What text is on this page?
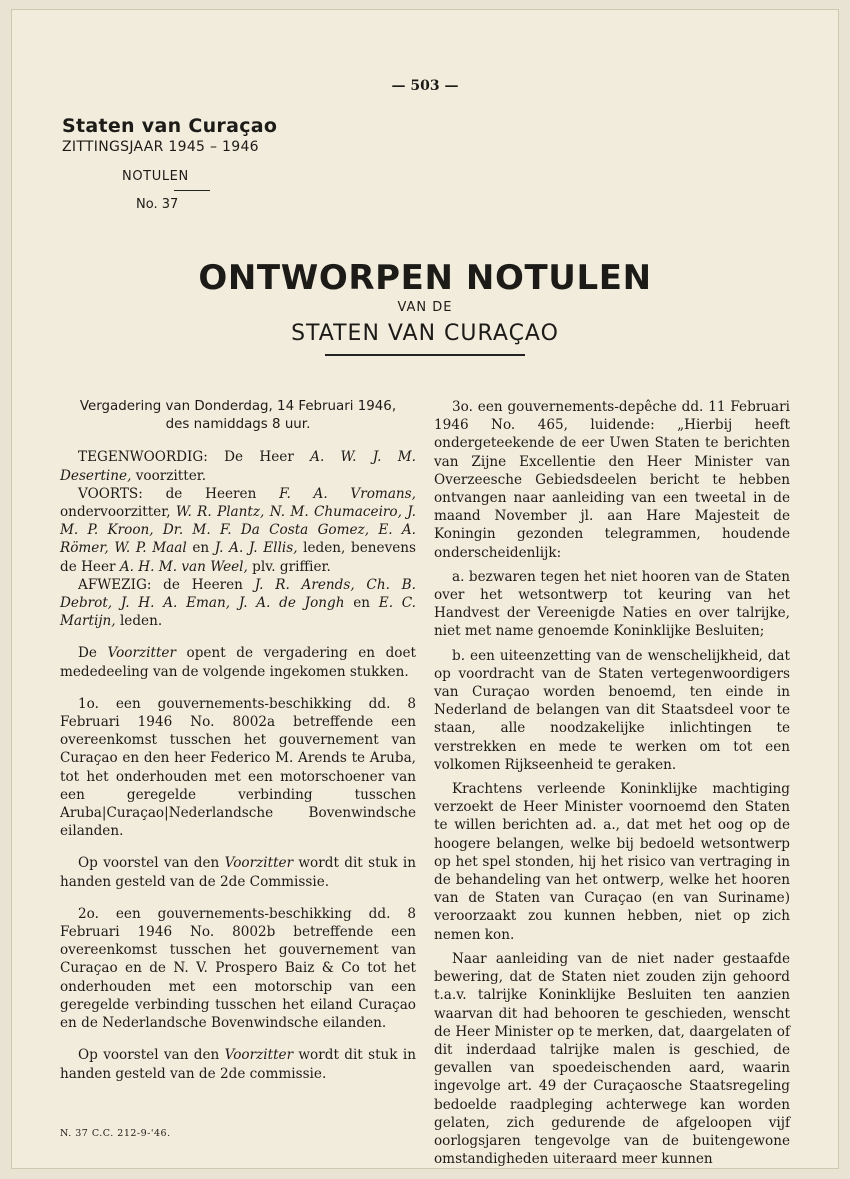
— 503 —
Staten van Curaçao
ZITTINGSJAAR 1945 – 1946
NOTULEN
No. 37
ONTWORPEN NOTULEN
VAN DE
STATEN VAN CURAÇAO

Vergadering van Donderdag, 14 Februari 1946,

des namiddags 8 uur.

TEGENWOORDIG: De Heer A. W. J. M. Desertine, voorzitter.

VOORTS: de Heeren F. A. Vromans, ondervoorzitter, W. R. Plantz, N. M. Chumaceiro, J. M. P. Kroon, Dr. M. F. Da Costa Gomez, E. A. Römer, W. P. Maal en J. A. J. Ellis, leden, benevens de Heer A. H. M. van Weel, plv. griffier.

AFWEZIG: de Heeren J. R. Arends, Ch. B. Debrot, J. H. A. Eman, J. A. de Jongh en E. C. Martijn, leden.

De Voorzitter opent de vergadering en doet mededeeling van de volgende ingekomen stukken.

1o. een gouvernements-beschikking dd. 8 Februari 1946 No. 8002a betreffende een overeenkomst tusschen het gouvernement van Curaçao en den heer Federico M. Arends te Aruba, tot het onderhouden met een motorschoener van een geregelde verbinding tusschen Aruba|Curaçao|Nederlandsche Bovenwindsche eilanden.

Op voorstel van den Voorzitter wordt dit stuk in handen gesteld van de 2de Commissie.

2o. een gouvernements-beschikking dd. 8 Februari 1946 No. 8002b betreffende een overeenkomst tusschen het gouvernement van Curaçao en de N. V. Prospero Baiz & Co tot het onderhouden met een motorschip van een geregelde verbinding tusschen het eiland Curaçao en de Nederlandsche Bovenwindsche eilanden.

Op voorstel van den Voorzitter wordt dit stuk in handen gesteld van de 2de commissie.

3o. een gouvernements-depêche dd. 11 Februari 1946 No. 465, luidende: „Hierbij heeft ondergeteekende de eer Uwen Staten te berichten van Zijne Excellentie den Heer Minister van Overzeesche Gebiedsdeelen bericht te hebben ontvangen naar aanleiding van een tweetal in de maand November jl. aan Hare Majesteit de Koningin gezonden telegrammen, houdende onderscheidenlijk:

a. bezwaren tegen het niet hooren van de Staten over het wetsontwerp tot keuring van het Handvest der Vereenigde Naties en over talrijke, niet met name genoemde Koninklijke Besluiten;

b. een uiteenzetting van de wenschelijkheid, dat op voordracht van de Staten vertegenwoordigers van Curaçao worden benoemd, ten einde in Nederland de belangen van dit Staatsdeel voor te staan, alle noodzakelijke inlichtingen te verstrekken en mede te werken om tot een volkomen Rijkseenheid te geraken.

Krachtens verleende Koninklijke machtiging verzoekt de Heer Minister voornoemd den Staten te willen berichten ad. a., dat met het oog op de hoogere belangen, welke bij bedoeld wetsontwerp op het spel stonden, hij het risico van vertraging in de behandeling van het ontwerp, welke het hooren van de Staten van Curaçao (en van Suriname) veroorzaakt zou kunnen hebben, niet op zich nemen kon.

Naar aanleiding van de niet nader gestaafde bewering, dat de Staten niet zouden zijn gehoord t.a.v. talrijke Koninklijke Besluiten ten aanzien waarvan dit had behooren te geschieden, wenscht de Heer Minister op te merken, dat, daargelaten of dit inderdaad talrijke malen is geschied, de gevallen van spoedeischenden aard, waarin ingevolge art. 49 der Curaçaosche Staatsregeling bedoelde raadpleging achterwege kan worden gelaten, zich gedurende de afgeloopen vijf oorlogsjaren tengevolge van de buitengewone omstandigheden uiteraard meer kunnen

N. 37 C.C. 212-9-'46.
